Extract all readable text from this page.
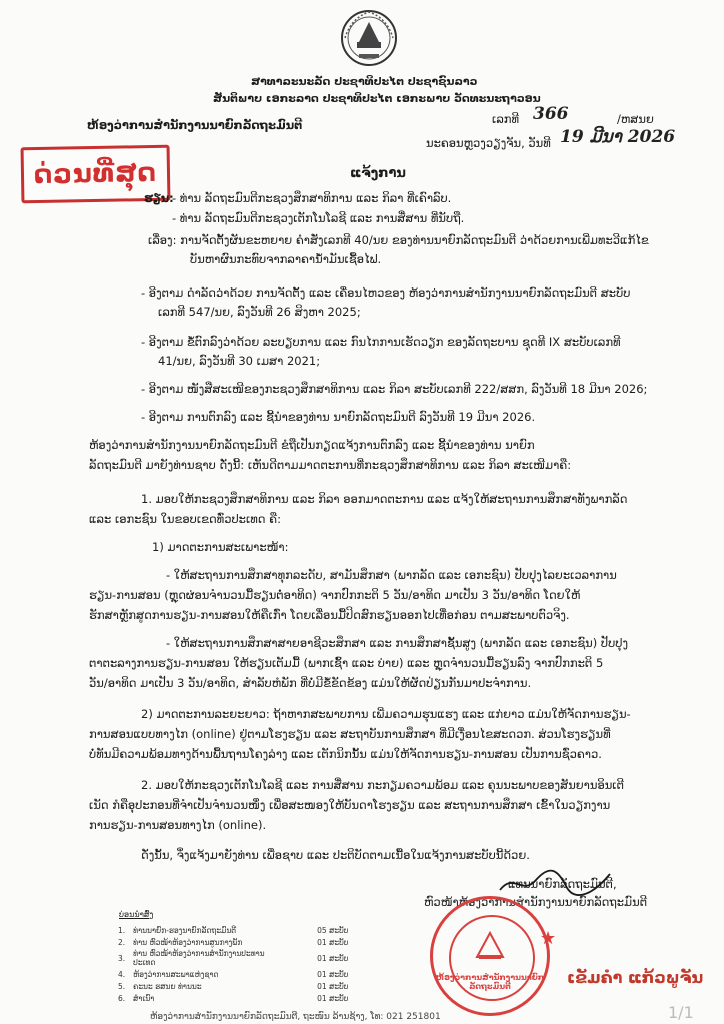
ສາທາລະນະລັດ ປະຊາທິປະໄຕ ປະຊາຊົນລາວ
ສັນຕິພາບ ເອກະລາດ ປະຊາທິປະໄຕ ເອກະພາບ ວັດທະນະຖາວອນ
ຫ້ອງວ່າການສຳນັກງານນາຍົກລັດຖະມົນຕີ	ເລກທີ 366	/ຫສນຍ
ນະຄອນຫຼວງວຽງຈັນ, ວັນທີ 19 ມີນາ 2026
ດ່ວນທີ່ສຸດ	ແຈ້ງການ
ຮຽນ:
- ທ່ານ ລັດຖະມົນຕີກະຊວງສຶກສາທິການ ແລະ ກິລາ ທີ່ເຄົາລົບ.
- ທ່ານ ລັດຖະມົນຕີກະຊວງເຕັກໂນໂລຊີ ແລະ ການສື່ສານ ທີ່ນັບຖື.
ເລື່ອງ: ການຈັດຕັ້ງຜັນຂະຫຍາຍ ຄຳສັ່ງເລກທີ 40/ນຍ ຂອງທ່ານນາຍົກລັດຖະມົນຕີ ວ່າດ້ວຍການເພີ່ມທະວີແກ້ໄຂ
ບັນຫາຜົນກະທົບຈາກລາຄານ້ຳມັນເຊື້ອໄຟ.
- ອີງຕາມ ດຳລັດວ່າດ້ວຍ ການຈັດຕັ້ງ ແລະ ເຄື່ອນໄຫວຂອງ ຫ້ອງວ່າການສຳນັກງານນາຍົກລັດຖະມົນຕີ ສະບັບ
ເລກທີ 547/ນຍ, ລົງວັນທີ 26 ສິງຫາ 2025;
- ອີງຕາມ ຂໍ້ຕົກລົງວ່າດ້ວຍ ລະບຽບການ ແລະ ກົນໄກການເຮັດວຽກ ຂອງລັດຖະບານ ຊຸດທີ IX ສະບັບເລກທີ
41/ນຍ, ລົງວັນທີ 30 ເມສາ 2021;
- ອີງຕາມ ໜັງສືສະເໜີຂອງກະຊວງສຶກສາທິການ ແລະ ກິລາ ສະບັບເລກທີ 222/ສສກ, ລົງວັນທີ 18 ມີນາ 2026;
- ອີງຕາມ ການຕົກລົງ ແລະ ຊີ້ນຳຂອງທ່ານ ນາຍົກລັດຖະມົນຕີ ລົງວັນທີ 19 ມີນາ 2026.
ຫ້ອງວ່າການສຳນັກງານນາຍົກລັດຖະມົນຕີ ຂໍຖືເປັນກຽດແຈ້ງການຕົກລົງ ແລະ ຊີ້ນຳຂອງທ່ານ ນາຍົກ
ລັດຖະມົນຕີ ມາຍັງທ່ານຊາບ ດັ່ງນີ້: ເຫັນດີຕາມມາດຕະການທີ່ກະຊວງສຶກສາທິການ ແລະ ກິລາ ສະເໜີມາຄື:
1. ມອບໃຫ້ກະຊວງສຶກສາທິການ ແລະ ກິລາ ອອກມາດຕະການ ແລະ ແຈ້ງໃຫ້ສະຖານການສຶກສາທັງພາກລັດ
ແລະ ເອກະຊົນ ໃນຂອບເຂດທົ່ວປະເທດ ຄື:
1) ມາດຕະການສະເພາະໜ້າ:
- ໃຫ້ສະຖານການສຶກສາທຸກລະດັບ, ສາມັນສຶກສາ (ພາກລັດ ແລະ ເອກະຊົນ) ປັບປຸງໄລຍະເວລາການ
ຮຽນ-ການສອນ (ຫຼຸດຜ່ອນຈຳນວນມື້ຮຽນຕໍ່ອາທິດ) ຈາກປົກກະຕິ 5 ວັນ/ອາທິດ ມາເປັນ 3 ວັນ/ອາທິດ ໂດຍໃຫ້
ຮັກສາຫຼັກສູດການຮຽນ-ການສອນໃຫ້ຄືເກົ່າ ໂດຍເລື່ອນມື້ປິດສົກຮຽນອອກໄປເທື່ອກ່ອນ ຕາມສະພາບຕົວຈິງ.
- ໃຫ້ສະຖານການສຶກສາສາຍອາຊີວະສຶກສາ ແລະ ການສຶກສາຊັ້ນສູງ (ພາກລັດ ແລະ ເອກະຊົນ) ປັບປຸງ
ຕາຕະລາງການຮຽນ-ການສອນ ໃຫ້ຮຽນເຕັມມື້ (ພາກເຊົ້າ ແລະ ບ່າຍ) ແລະ ຫຼຸດຈຳນວນມື້ຮຽນລົງ ຈາກປົກກະຕິ 5
ວັນ/ອາທິດ ມາເປັນ 3 ວັນ/ອາທິດ, ສຳລັບຫໍພັກ ທີ່ບໍ່ມີຂໍ້ຂັດຂ້ອງ ແມ່ນໃຫ້ຜັດປ່ຽນກັນມາປະຈຳການ.
2) ມາດຕະການລະຍະຍາວ: ຖ້າຫາກສະພາບການ ເພີ່ມຄວາມຮຸນແຮງ ແລະ ແກ່ຍາວ ແມ່ນໃຫ້ຈັດການຮຽນ-
ການສອນແບບທາງໄກ (online) ຢູ່ຕາມໂຮງຮຽນ ແລະ ສະຖາບັນການສຶກສາ ທີ່ມີເງື່ອນໄຂສະດວກ. ສ່ວນໂຮງຮຽນທີ່
ບໍ່ທັນມີຄວາມພ້ອມທາງດ້ານພື້ນຖານໂຄງລ່າງ ແລະ ເຕັກນິກນັ້ນ ແມ່ນໃຫ້ຈັດການຮຽນ-ການສອນ ເປັນການຊົ່ວຄາວ.
2. ມອບໃຫ້ກະຊວງເຕັກໂນໂລຊີ ແລະ ການສື່ສານ ກະກຽມຄວາມພ້ອມ ແລະ ຄຸນນະພາບຂອງສັນຍານອິນເຕີ
ເນັດ ກໍຄືອຸປະກອນທີ່ຈຳເປັນຈຳນວນໜຶ່ງ ເພື່ອສະໜອງໃຫ້ບັນດາໂຮງຮຽນ ແລະ ສະຖານການສຶກສາ ເຂົ້າໃນວຽກງານ
ການຮຽນ-ການສອນທາງໄກ (online).
ດັ່ງນັ້ນ, ຈຶ່ງແຈ້ງມາຍັງທ່ານ ເພື່ອຊາບ ແລະ ປະຕິບັດຕາມເນື້ອໃນແຈ້ງການສະບັບນີ້ດ້ວຍ.
ແທນນາຍົກລັດຖະມົນຕີ,
ຫົວໜ້າຫ້ອງວ່າການສຳນັກງານນາຍົກລັດຖະມົນຕີ
ຫ້ອງວ່າການສຳນັກງານນາຍົກລັດຖະມົນຕີ
★
ເຂັມຄຳ ແກ້ວພູຈັນ
ບ່ອນນຳສົ່ງ
1.	ທ່ານນາຍົກ-ຮອງນາຍົກລັດຖະມົນຕີ	05 ສະບັບ
2.	ທ່ານ ຫົວໜ້າຫ້ອງວ່າການສູນກາງພັກ	01 ສະບັບ
3.	ທ່ານ ຫົວໜ້າຫ້ອງວ່າການສຳນັກງານປະທານປະເທດ	01 ສະບັບ
4.	ຫ້ອງວ່າການສະພາແຫ່ງຊາດ	01 ສະບັບ
5.	ຄະນະ ຮສນຍ ທ່ານນະ	01 ສະບັບ
6.	ສຳເນົາ	01 ສະບັບ
ຫ້ອງວ່າການສຳນັກງານນາຍົກລັດຖະມົນຕີ, ຖະໜົນ ລ້ານຊ້າງ, ໂທ: 021 251801	1/1
